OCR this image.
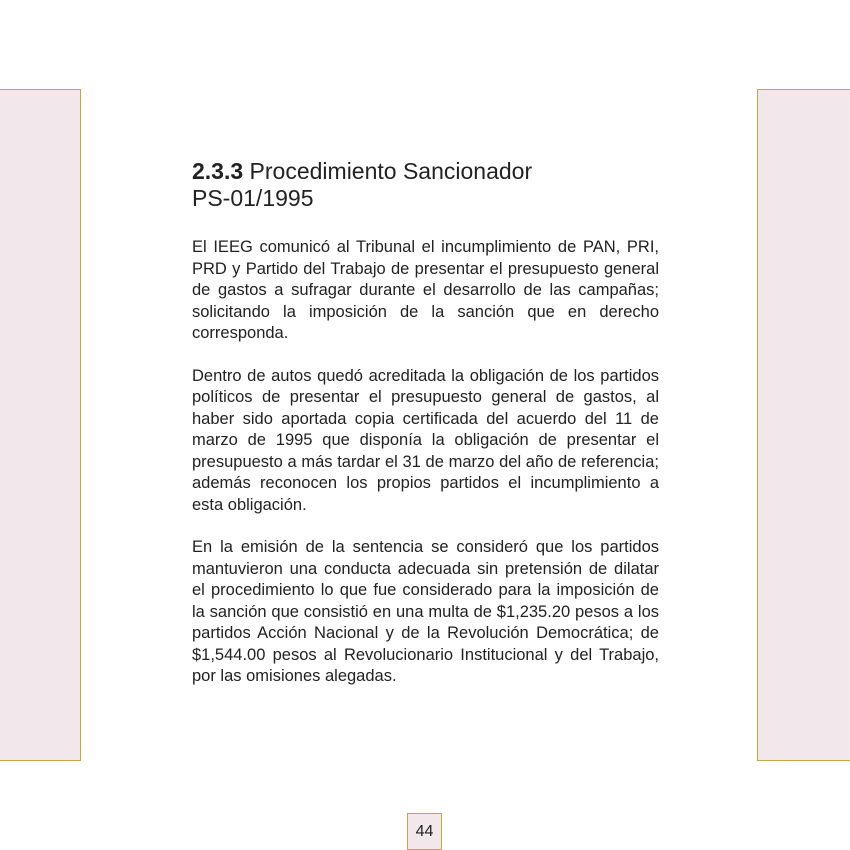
2.3.3 Procedimiento Sancionador
PS-01/1995

El IEEG comunicó al Tribunal el incumplimiento de PAN, PRI, PRD y Partido del Trabajo de presentar el presupuesto general de gastos a sufragar durante el desarrollo de las campañas; solicitando la imposición de la sanción que en derecho corresponda.

Dentro de autos quedó acreditada la obligación de los partidos políticos de presentar el presupuesto general de gastos, al haber sido aportada copia certificada del acuerdo del 11 de marzo de 1995 que disponía la obligación de presentar el presupuesto a más tardar el 31 de marzo del año de referencia; además reconocen los propios partidos el incumplimiento a esta obligación.

En la emisión de la sentencia se consideró que los partidos mantuvieron una conducta adecuada sin pretensión de dilatar el procedimiento lo que fue considerado para la imposición de la sanción que consistió en una multa de $1,235.20 pesos a los partidos Acción Nacional y de la Revolución Democrática; de $1,544.00 pesos al Revolucionario Institucional y del Trabajo, por las omisiones alegadas.

44
